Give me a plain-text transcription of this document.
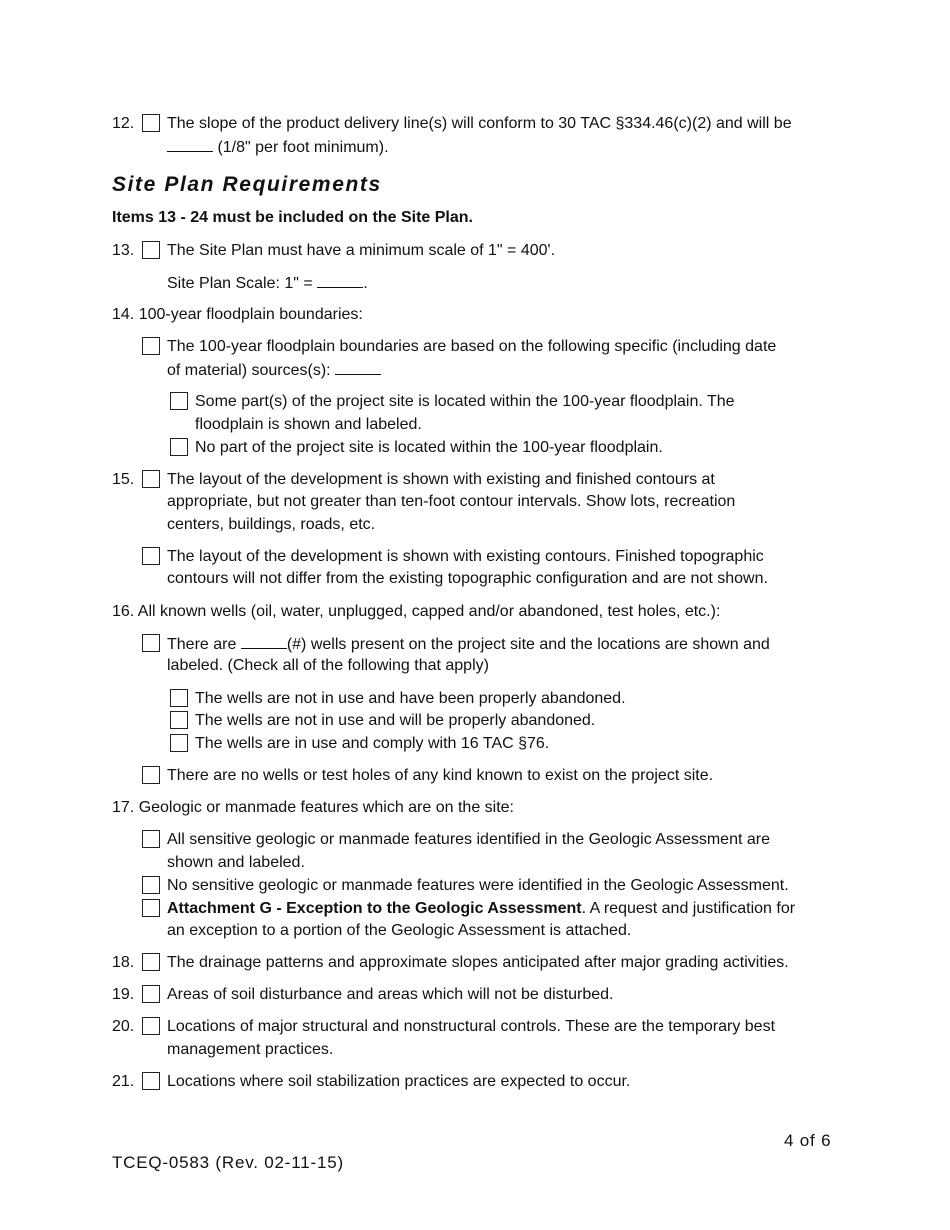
12. The slope of the product delivery line(s) will conform to 30 TAC §334.46(c)(2) and will be
(1/8" per foot minimum).
Site Plan Requirements
Items 13 - 24 must be included on the Site Plan.
13. The Site Plan must have a minimum scale of 1" = 400'.
Site Plan Scale: 1" =	.
14. 100-year floodplain boundaries:
The 100-year floodplain boundaries are based on the following specific (including date
of material) sources(s):
Some part(s) of the project site is located within the 100-year floodplain. The
floodplain is shown and labeled.
No part of the project site is located within the 100-year floodplain.
15. The layout of the development is shown with existing and finished contours at
appropriate, but not greater than ten-foot contour intervals. Show lots, recreation
centers, buildings, roads, etc.
The layout of the development is shown with existing contours. Finished topographic
contours will not differ from the existing topographic configuration and are not shown.
16. All known wells (oil, water, unplugged, capped and/or abandoned, test holes, etc.):
There are	(#) wells present on the project site and the locations are shown and
labeled. (Check all of the following that apply)
The wells are not in use and have been properly abandoned.
The wells are not in use and will be properly abandoned.
The wells are in use and comply with 16 TAC §76.
There are no wells or test holes of any kind known to exist on the project site.
17. Geologic or manmade features which are on the site:
All sensitive geologic or manmade features identified in the Geologic Assessment are
shown and labeled.
No sensitive geologic or manmade features were identified in the Geologic Assessment.
Attachment G - Exception to the Geologic Assessment. A request and justification for
an exception to a portion of the Geologic Assessment is attached.
18. The drainage patterns and approximate slopes anticipated after major grading activities.
19. Areas of soil disturbance and areas which will not be disturbed.
20. Locations of major structural and nonstructural controls. These are the temporary best
management practices.
21. Locations where soil stabilization practices are expected to occur.
4 of 6
TCEQ-0583 (Rev. 02-11-15)
